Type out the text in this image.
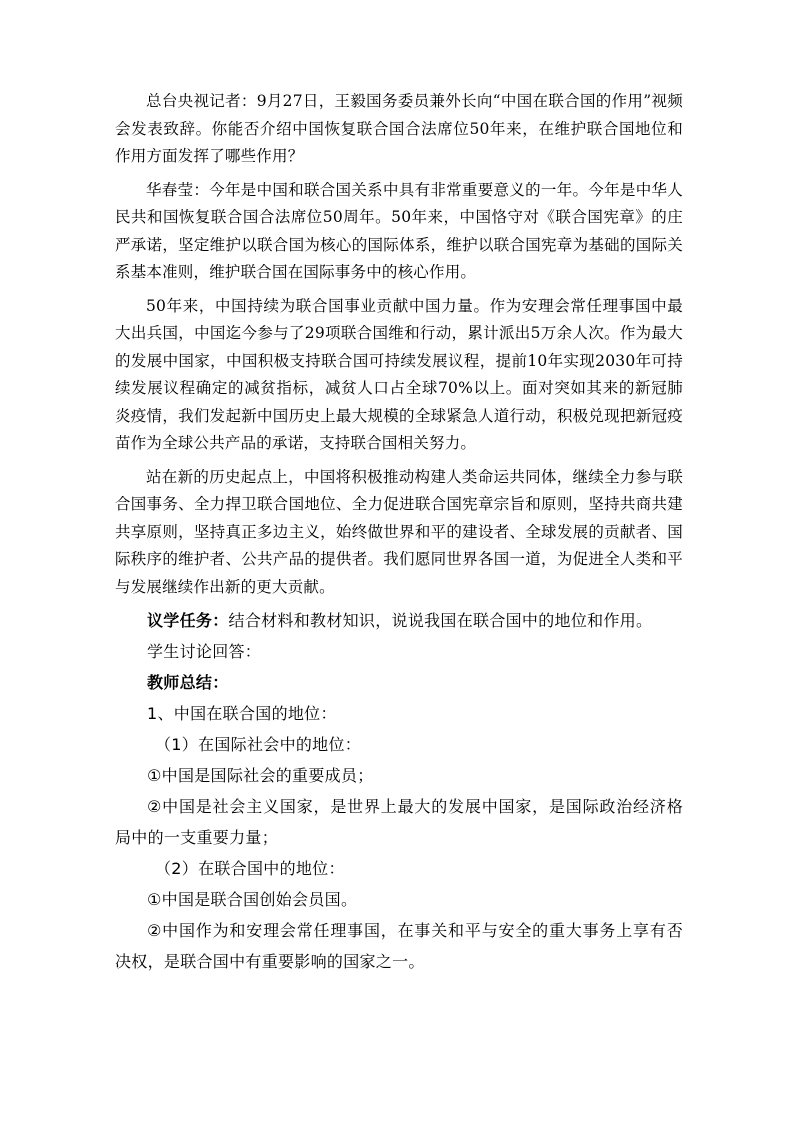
总台央视记者：9月27日，王毅国务委员兼外长向“中国在联合国的作用”视频会发表致辞。你能否介绍中国恢复联合国合法席位50年来，在维护联合国地位和作用方面发挥了哪些作用？

华春莹：今年是中国和联合国关系中具有非常重要意义的一年。今年是中华人民共和国恢复联合国合法席位50周年。50年来，中国恪守对《联合国宪章》的庄严承诺，坚定维护以联合国为核心的国际体系，维护以联合国宪章为基础的国际关系基本准则，维护联合国在国际事务中的核心作用。

50年来，中国持续为联合国事业贡献中国力量。作为安理会常任理事国中最大出兵国，中国迄今参与了29项联合国维和行动，累计派出5万余人次。作为最大的发展中国家，中国积极支持联合国可持续发展议程，提前10年实现2030年可持续发展议程确定的减贫指标，减贫人口占全球70%以上。面对突如其来的新冠肺炎疫情，我们发起新中国历史上最大规模的全球紧急人道行动，积极兑现把新冠疫苗作为全球公共产品的承诺，支持联合国相关努力。

站在新的历史起点上，中国将积极推动构建人类命运共同体，继续全力参与联合国事务、全力捍卫联合国地位、全力促进联合国宪章宗旨和原则，坚持共商共建共享原则，坚持真正多边主义，始终做世界和平的建设者、全球发展的贡献者、国际秩序的维护者、公共产品的提供者。我们愿同世界各国一道，为促进全人类和平与发展继续作出新的更大贡献。

议学任务：结合材料和教材知识，说说我国在联合国中的地位和作用。

学生讨论回答：

教师总结：

1、中国在联合国的地位：

（1）在国际社会中的地位：

①中国是国际社会的重要成员；

②中国是社会主义国家，是世界上最大的发展中国家，是国际政治经济格局中的一支重要力量；

（2）在联合国中的地位：

①中国是联合国创始会员国。

②中国作为和安理会常任理事国，在事关和平与安全的重大事务上享有否决权，是联合国中有重要影响的国家之一。
